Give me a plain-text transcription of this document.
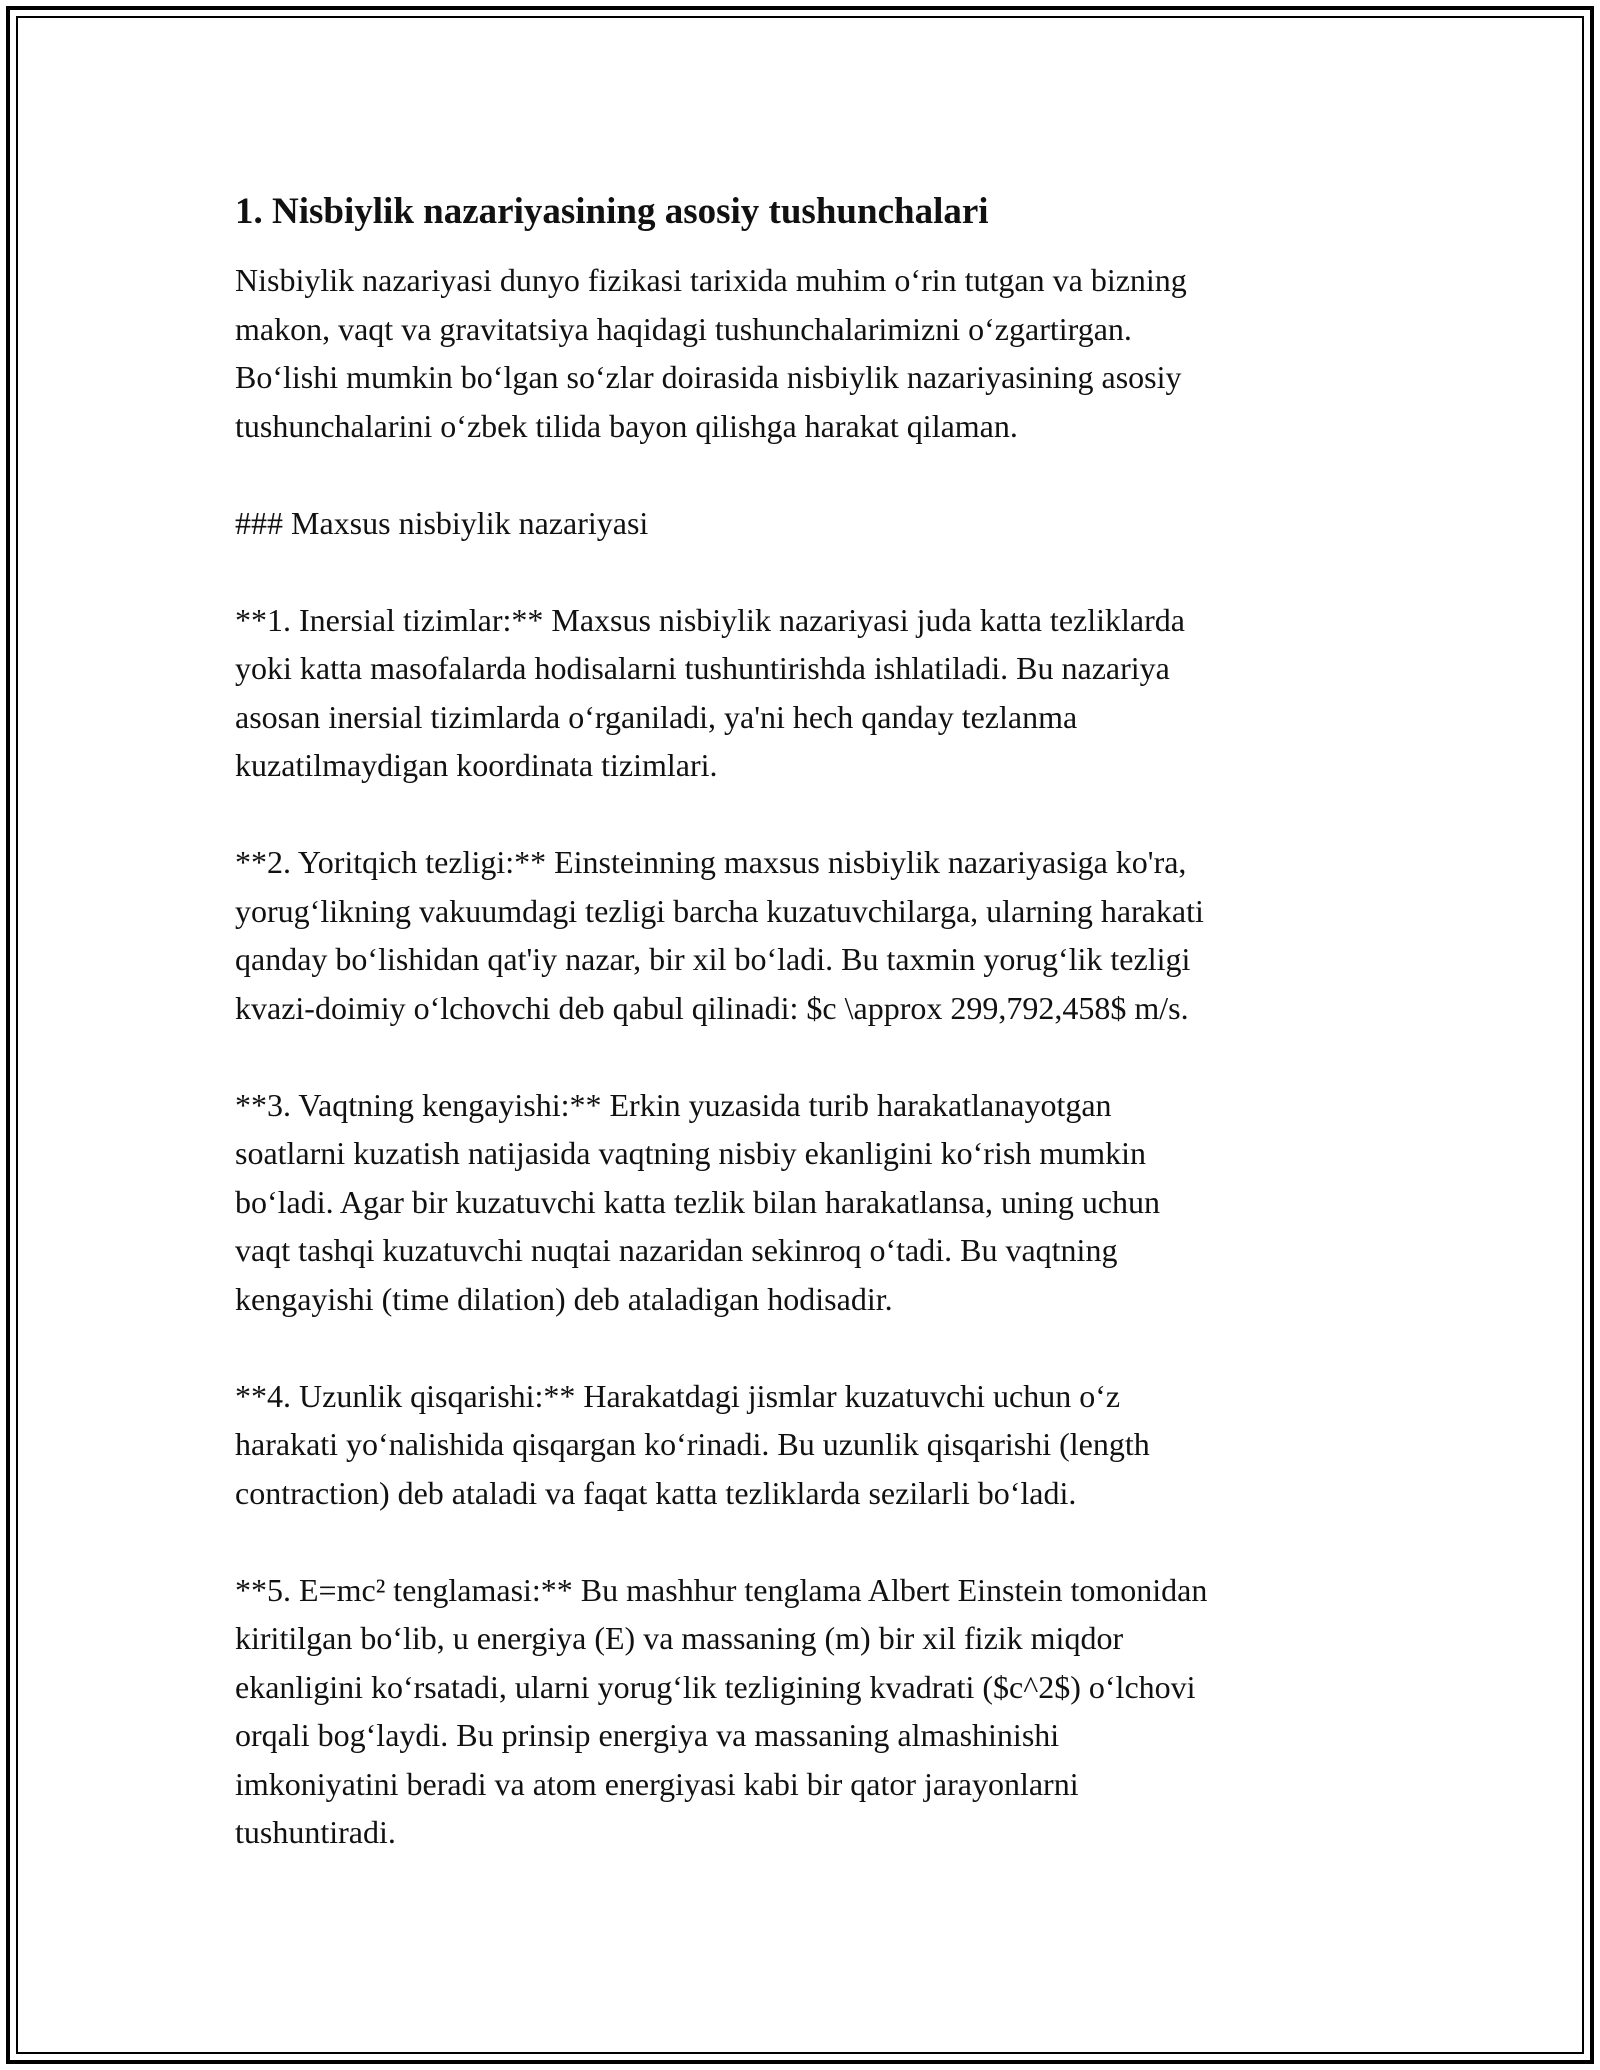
1. Nisbiylik nazariyasining asosiy tushunchalari

Nisbiylik nazariyasi dunyo fizikasi tarixida muhim o‘rin tutgan va bizning
makon, vaqt va gravitatsiya haqidagi tushunchalarimizni o‘zgartirgan.
Bo‘lishi mumkin bo‘lgan so‘zlar doirasida nisbiylik nazariyasining asosiy
tushunchalarini o‘zbek tilida bayon qilishga harakat qilaman.

### Maxsus nisbiylik nazariyasi

**1. Inersial tizimlar:** Maxsus nisbiylik nazariyasi juda katta tezliklarda
yoki katta masofalarda hodisalarni tushuntirishda ishlatiladi. Bu nazariya
asosan inersial tizimlarda o‘rganiladi, ya'ni hech qanday tezlanma
kuzatilmaydigan koordinata tizimlari.

**2. Yoritqich tezligi:** Einsteinning maxsus nisbiylik nazariyasiga ko'ra,
yorug‘likning vakuumdagi tezligi barcha kuzatuvchilarga, ularning harakati
qanday bo‘lishidan qat'iy nazar, bir xil bo‘ladi. Bu taxmin yorug‘lik tezligi
kvazi-doimiy o‘lchovchi deb qabul qilinadi: $c \approx 299,792,458$ m/s.

**3. Vaqtning kengayishi:** Erkin yuzasida turib harakatlanayotgan
soatlarni kuzatish natijasida vaqtning nisbiy ekanligini ko‘rish mumkin
bo‘ladi. Agar bir kuzatuvchi katta tezlik bilan harakatlansa, uning uchun
vaqt tashqi kuzatuvchi nuqtai nazaridan sekinroq o‘tadi. Bu vaqtning
kengayishi (time dilation) deb ataladigan hodisadir.

**4. Uzunlik qisqarishi:** Harakatdagi jismlar kuzatuvchi uchun o‘z
harakati yo‘nalishida qisqargan ko‘rinadi. Bu uzunlik qisqarishi (length
contraction) deb ataladi va faqat katta tezliklarda sezilarli bo‘ladi.

**5. E=mc² tenglamasi:** Bu mashhur tenglama Albert Einstein tomonidan
kiritilgan bo‘lib, u energiya (E) va massaning (m) bir xil fizik miqdor
ekanligini ko‘rsatadi, ularni yorug‘lik tezligining kvadrati ($c^2$) o‘lchovi
orqali bog‘laydi. Bu prinsip energiya va massaning almashinishi
imkoniyatini beradi va atom energiyasi kabi bir qator jarayonlarni
tushuntiradi.
